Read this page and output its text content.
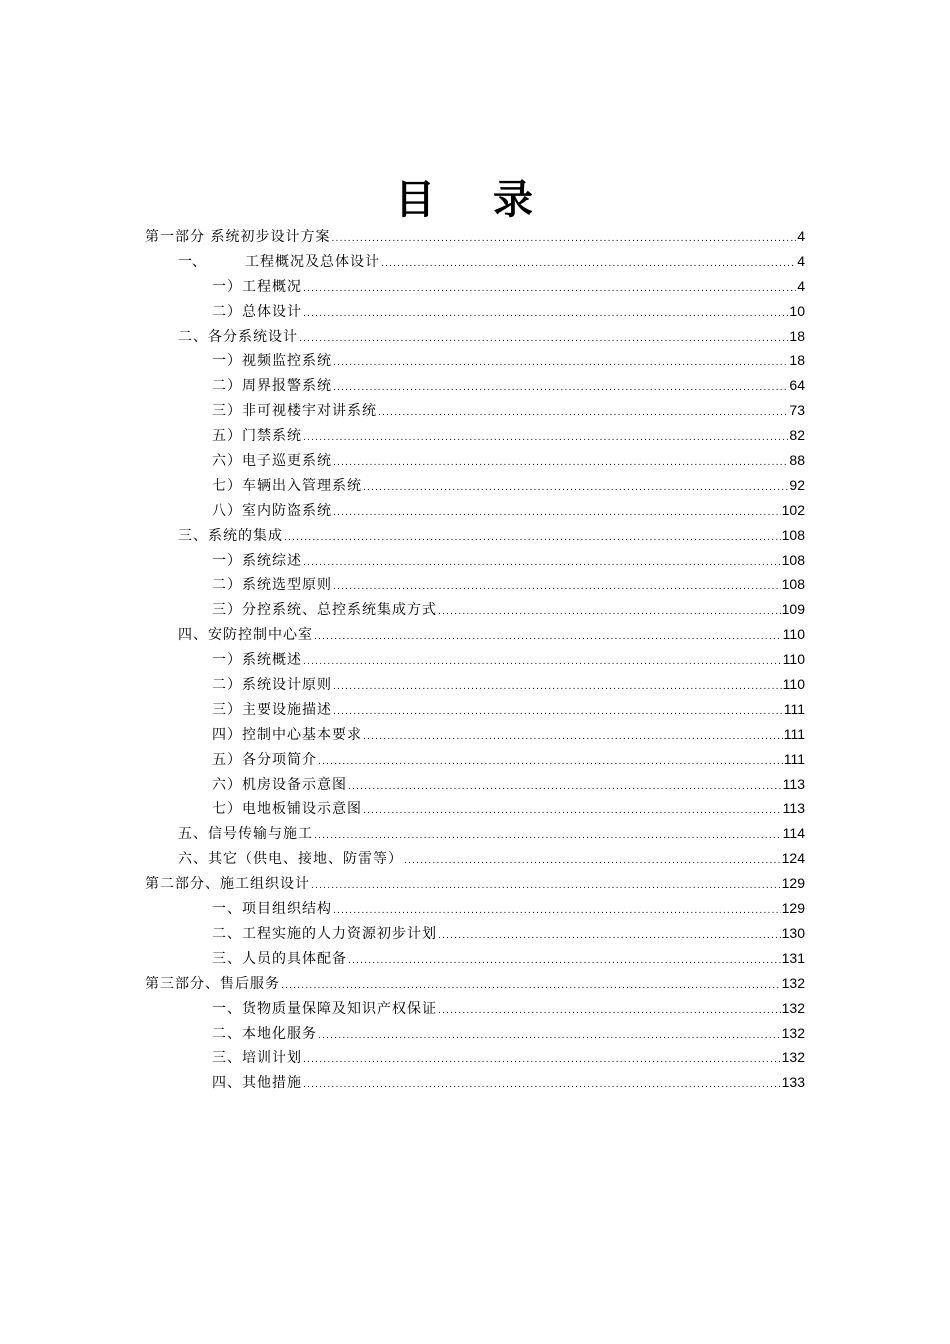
目 录
第一部分 系统初步设计方案 .....	4
一、	工程概况及总体设计 .....	4
一）工程概况 .....	4
二）总体设计 .....	10
二、各分系统设计 .....	18
一）视频监控系统 .....	18
二）周界报警系统 .....	64
三）非可视楼宇对讲系统 .....	73
五）门禁系统 .....	82
六）电子巡更系统 .....	88
七）车辆出入管理系统 .....	92
八）室内防盗系统 .....	102
三、系统的集成 .....	108
一）系统综述 .....	108
二）系统选型原则 .....	108
三）分控系统、总控系统集成方式 .....	109
四、安防控制中心室 .....	110
一）系统概述 .....	110
二）系统设计原则 .....	110
三）主要设施描述 .....	111
四）控制中心基本要求 .....	111
五）各分项简介 .....	111
六）机房设备示意图 .....	113
七）电地板铺设示意图 .....	113
五、信号传输与施工 .....	114
六、其它（供电、接地、防雷等） .....	124
第二部分、施工组织设计 .....	129
一、项目组织结构 .....	129
二、工程实施的人力资源初步计划 .....	130
三、人员的具体配备 .....	131
第三部分、售后服务 .....	132
一、货物质量保障及知识产权保证 .....	132
二、本地化服务 .....	132
三、培训计划 .....	132
四、其他措施 .....	133
